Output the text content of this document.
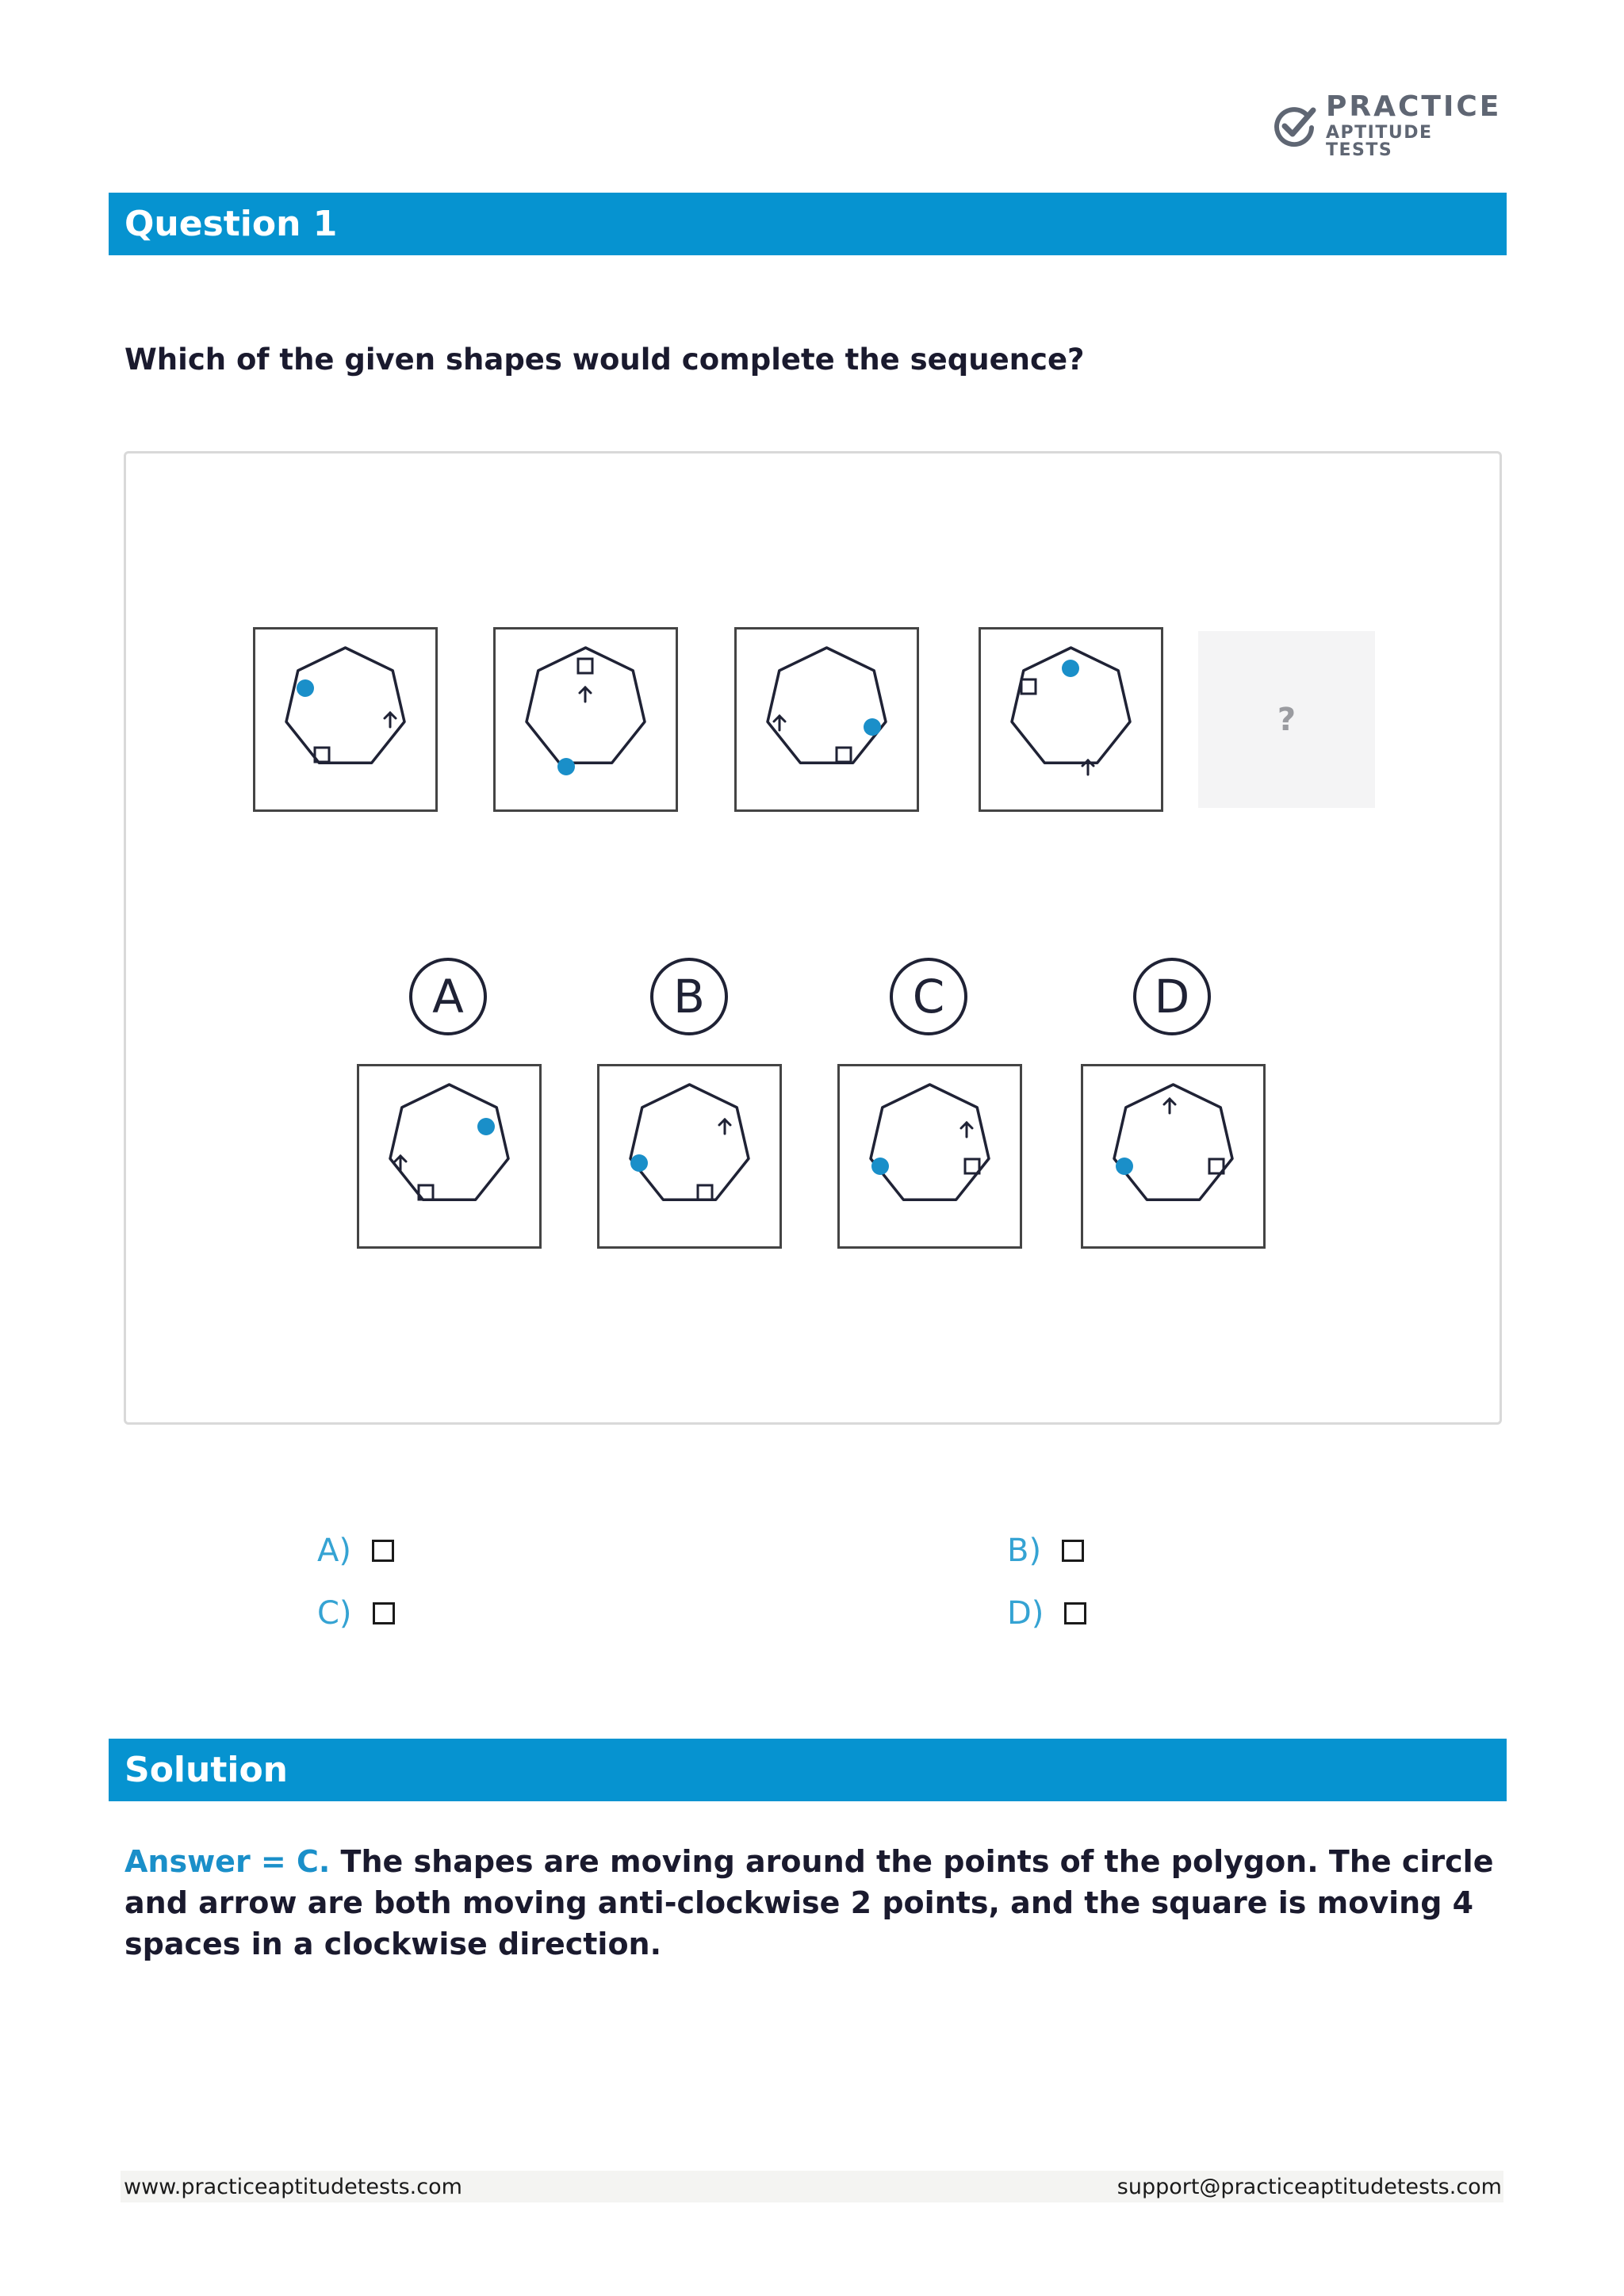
PRACTICE
APTITUDE TESTS
Question 1
Which of the given shapes would complete the sequence?
?
A	B	C	D
A)	B)
C)	D)
Solution
Answer = C. The shapes are moving around the points of the polygon. The circle and arrow are both moving anti-clockwise 2 points, and the square is moving 4 spaces in a clockwise direction.
www.practiceaptitudetests.com	support@practiceaptitudetests.com
